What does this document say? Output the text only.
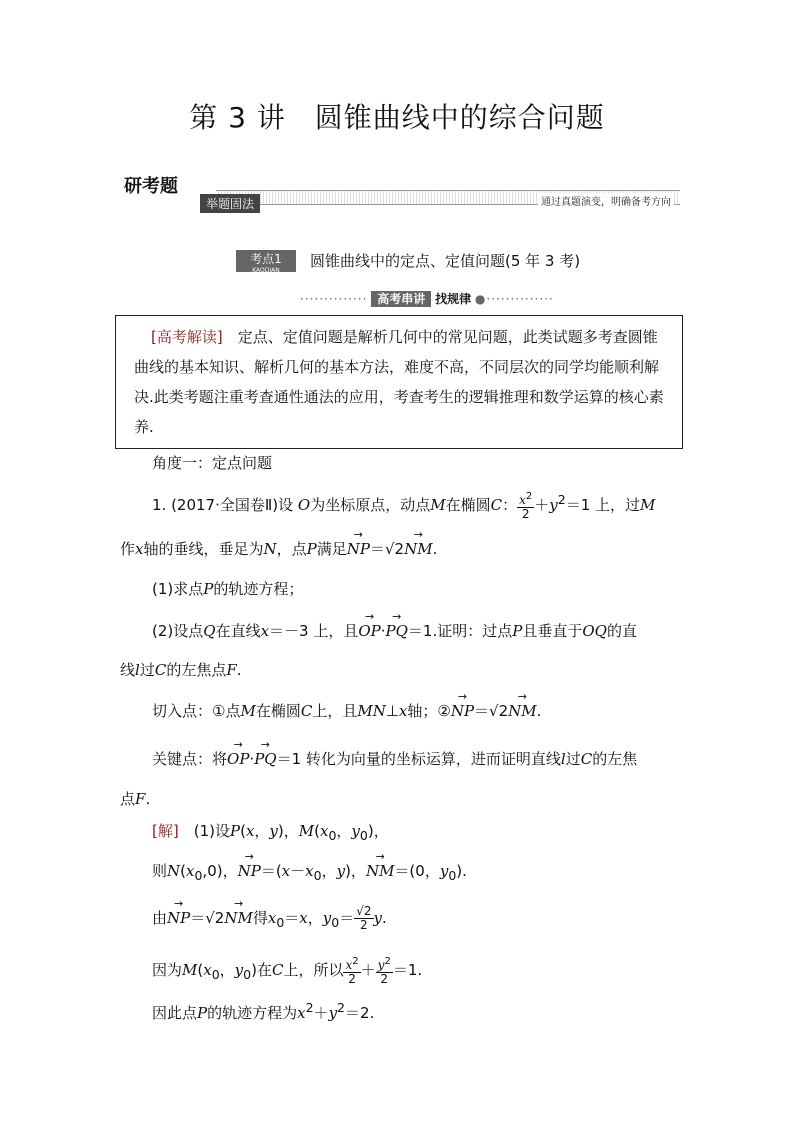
第 3 讲　圆锥曲线中的综合问题
研考题
举题固法	通过真题演变，明确备考方向
考点1
KAODIAN
圆锥曲线中的定点、定值问题(5 年 3 考)
·············· 高考串讲 找规律 ●··············
[高考解读]　 定点、定值问题是解析几何中的常见问题，此类试题多考查圆锥曲线的基本知识、解析几何的基本方法，难度不高，不同层次的同学均能顺利解决.此类考题注重考查通性通法的应用，考查考生的逻辑推理和数学运算的核心素养.
角度一：定点问题
1. (2017·全国卷Ⅱ)设 O为坐标原点，动点M在椭圆C： $\frac{x^2}{2} +y^2=1$ 上，过M
作x轴的垂线，垂足为N，点P满足→ NP＝√2→ NM.
(1)求点P的轨迹方程；
(2)设点Q在直线x＝－3 上，且→ OP·→ PQ＝1.证明：过点P且垂直于OQ的直
线l过C的左焦点F.
切入点：①点M在椭圆C上，且MN⊥x轴；②→ NP＝√2→ NM.
关键点：将→ OP·→ PQ＝1 转化为向量的坐标运算，进而证明直线l过C的左焦
点F.
[解]　 (1)设P(x，y)，$M(x_0$，$y_0$)，
则$N(x_0,0)$，→ $NP=(x-x_0$，y)，→ NM＝(0，$y_0$).
由→ NP＝√2→ NM得$x_0=x$，$y_0= \frac{√2}{2} y$.
因为$M(x_0$，$y_0$)在C上，所以 $\frac{x^2}{2} + \frac{y^2}{2} =1$.
因此点P的轨迹方程为$x^2+y^2=2$.
